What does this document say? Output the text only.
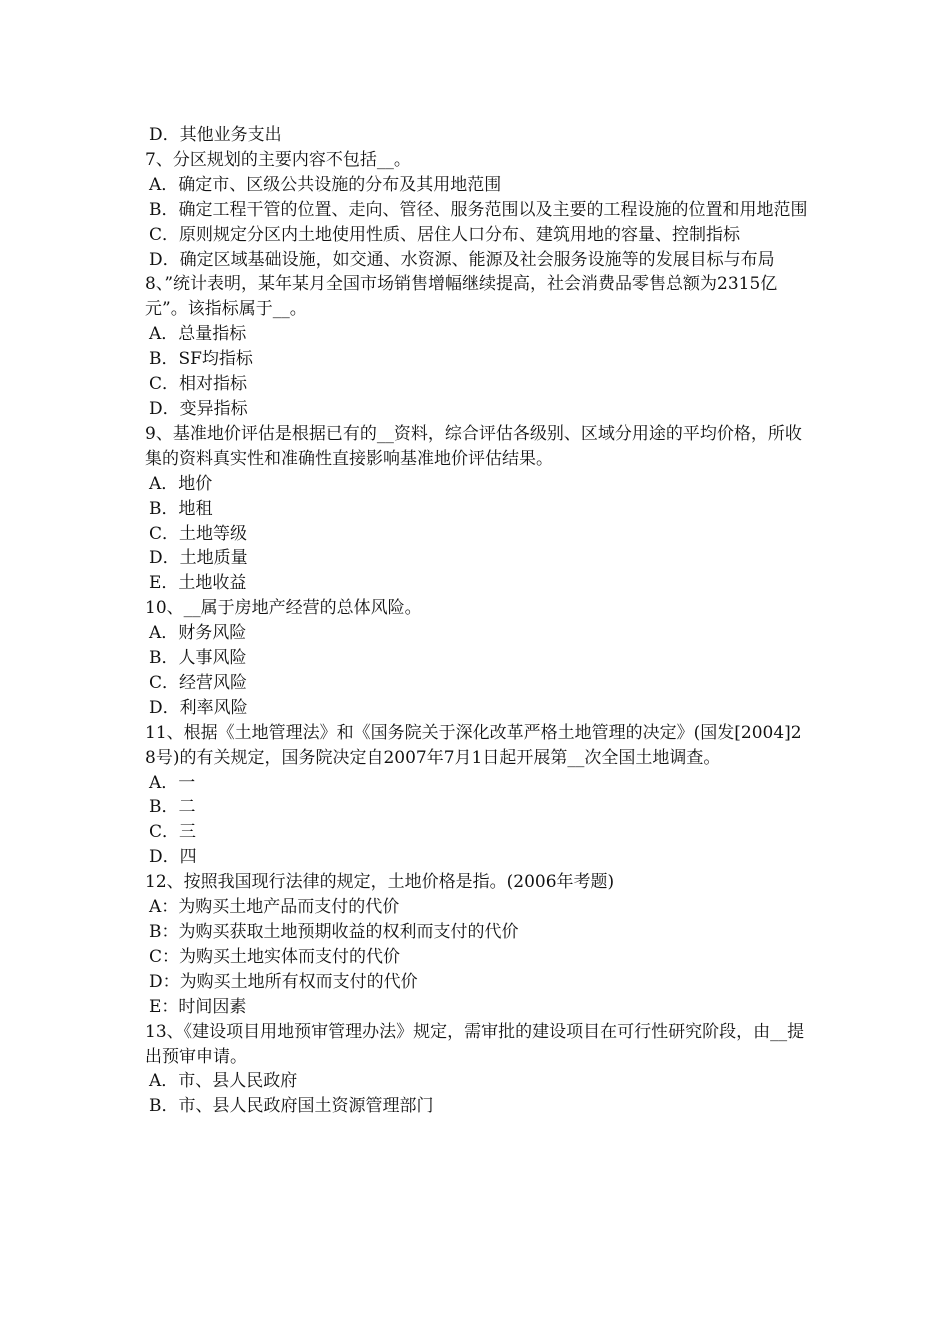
D．其他业务支出

7、分区规划的主要内容不包括__。

A．确定市、区级公共设施的分布及其用地范围

B．确定工程干管的位置、走向、管径、服务范围以及主要的工程设施的位置和用地范围

C．原则规定分区内土地使用性质、居住人口分布、建筑用地的容量、控制指标

D．确定区域基础设施，如交通、水资源、能源及社会服务设施等的发展目标与布局

8、”统计表明，某年某月全国市场销售增幅继续提高，社会消费品零售总额为2315亿元”。该指标属于__。

A．总量指标

B．SF均指标

C．相对指标

D．变异指标

9、基准地价评估是根据已有的__资料，综合评估各级别、区域分用途的平均价格，所收集的资料真实性和准确性直接影响基准地价评估结果。

A．地价

B．地租

C．土地等级

D．土地质量

E．土地收益

10、__属于房地产经营的总体风险。

A．财务风险

B．人事风险

C．经营风险

D．利率风险

11、根据《土地管理法》和《国务院关于深化改革严格土地管理的决定》(国发[2004]28号)的有关规定，国务院决定自2007年7月1日起开展第__次全国土地调查。

A．一

B．二

C．三

D．四

12、按照我国现行法律的规定，土地价格是指。(2006年考题)

A：为购买土地产品而支付的代价

B：为购买获取土地预期收益的权利而支付的代价

C：为购买土地实体而支付的代价

D：为购买土地所有权而支付的代价

E：时间因素

13、《建设项目用地预审管理办法》规定，需审批的建设项目在可行性研究阶段，由__提出预审申请。

A．市、县人民政府

B．市、县人民政府国土资源管理部门
